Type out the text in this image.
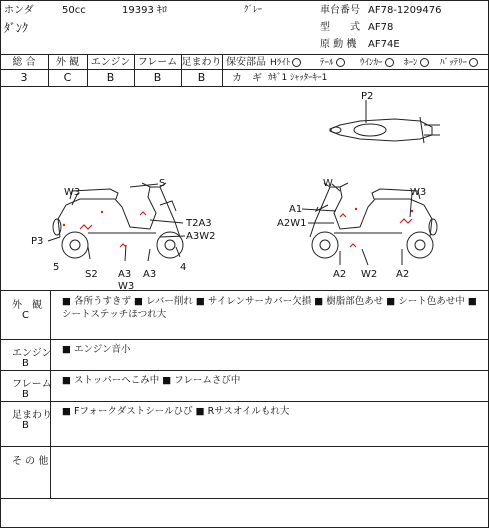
ホンダ	50cc	19393 ｷﾛ	ｸﾞﾚｰ
ﾀﾞﾝｸ
車台番号 AF78-1209476
型　　式 AF78
原 動 機 AF74E
総 合	外 観	エンジン フレーム 足まわり
3	C	B	B	B
保安部品 Hﾗｲﾄ	ﾃｰﾙ	ｳｲﾝｶｰ	ﾎｰﾝ	ﾊﾞｯﾃﾘｰ
カ　ギ ｶｷﾞ1 ｼｬｯﾀｰｷｰ1
P2
S
W3
T2A3
A3W2
P3
5
S2 A3
W3
A3
4
W
W3
A1
A2W1
A2 W2 A2
外　観
C
■ 各所うすきず ■ レバー削れ ■ サイレンサーカバー欠損 ■ 樹脂部色あせ ■ シート色あせ中 ■ シートステッチほつれ大
エンジン
B
■ エンジン音小
フレーム
B
■ ストッパーへこみ中 ■ フレームさび中
足まわり
B
■ Fフォークダストシールひび ■ Rサスオイルもれ大
そ の 他
